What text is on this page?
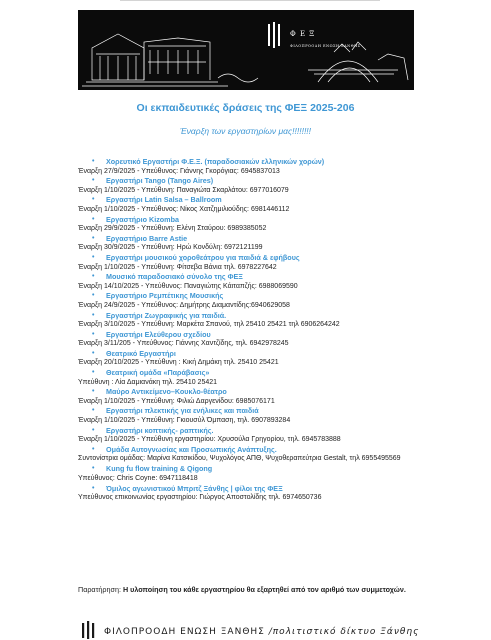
Φ Ε Ξ
ΦΙΛΟΠΡΟΟΔΗ ΕΝΩΣΗ ΞΑΝΘΗΣ
Οι εκπαιδευτικές δράσεις της ΦΕΞ 2025-206
Έναρξη των εργαστηρίων μας!!!!!!!!
• Χορευτικό Εργαστήρι Φ.Ε.Ξ. (παραδοσιακών ελληνικών χορών)
Έναρξη 27/9/2025 - Υπεύθυνος: Γιάννης Γκορόγιας: 6945837013
• Εργαστήρι Tango (Tango Aires)
Έναρξη 1/10/2025 - Υπεύθυνη: Παναγιώτα Σκαρλάτου: 6977016079
• Εργαστήρι Latin Salsa – Ballroom
Έναρξη 1/10/2025 - Υπεύθυνος: Νίκος Χατζημιλιούδης: 6981446112
• Εργαστήριο Kizomba
Έναρξη 29/9/2025 - Υπεύθυνη: Ελένη Σταύρου: 6989385052
• Εργαστήριο Barre Astie
Έναρξη 30/9/2025 - Υπεύθυνη: Ηρώ Κονδύλη: 6972121199
• Εργαστήρι μουσικού χοροθεάτρου για παιδιά & εφήβους
Έναρξη 1/10/2025 - Υπεύθυνη: Φίτσεβα Βάνια τηλ. 6978227642
• Μουσικό παραδοσιακό σύνολο της ΦΕΞ
Έναρξη 14/10/2025 - Υπεύθυνος: Παναγιώτης Κάιταπζής: 6988069590
• Εργαστήριο Ρεμπέτικης Μουσικής
Έναρξη 24/9/2025 - Υπεύθυνος: Δημήτρης Διαμαντίδης:6940629058
• Εργαστήρι Ζωγραφικής για παιδιά.
Έναρξη 3/10/2025 - Υπεύθυνη: Μαρκέτα Σπανού, τηλ 25410 25421 τηλ 6906264242
• Εργαστήρι Ελεύθερου σχεδίου
Έναρξη 3/11/205 - Υπεύθυνος: Γιάννης Χαντζίδης, τηλ. 6942978245
• Θεατρικό Εργαστήρι
Έναρξη 20/10/2025 - Υπεύθυνη : Κική Δημάκη τηλ. 25410 25421
• Θεατρική ομάδα «Παράβασις»
Υπεύθυνη : Λία Δαμιανάκη τηλ. 25410 25421
• Μαύρο Αντικείμενο–Κουκλο-θέατρο
Έναρξη 1/10/2025 - Υπεύθυνη: Φιλιώ Δαργενίδου: 6985076171
• Εργαστήρι πλεκτικής για ενήλικες και παιδιά
Έναρξη 1/10/2025 - Υπεύθυνη: Γκιουσύλ Όμπαση, τηλ. 6907893284
• Εργαστήρι κοπτικής- ραπτικής.
Έναρξη 1/10/2025 - Υπεύθυνη εργαστηρίου: Χρυσούλα Γρηγορίου, τηλ. 6945783888
• Ομάδα Αυτογνωσίας και Προσωπικής Ανάπτυξης.
Συντονίστρια ομάδας: Μαρίνα Κατσικίδου, Ψυχολόγος ΑΠΘ, Ψυχοθεραπεύτρια Gestalt, τηλ 6955495569
• Kung fu flow training & Qigong
Υπεύθυνος: Chris Coyne: 6947118418
• Όμιλος αγωνιστικού Μπριτζ Ξάνθης | φίλοι της ΦΕΞ
Υπεύθυνος επικοινωνίας εργαστηρίου: Γιώργος Αποστολίδης τηλ. 6974650736
Παρατήρηση: Η υλοποίηση του κάθε εργαστηρίου θα εξαρτηθεί από τον αριθμό των συμμετοχών.
ΦΙΛΟΠΡΟΟΔΗ ΕΝΩΣΗ ΞΑΝΘΗΣ /πολιτιστικό δίκτυο Ξάνθης
